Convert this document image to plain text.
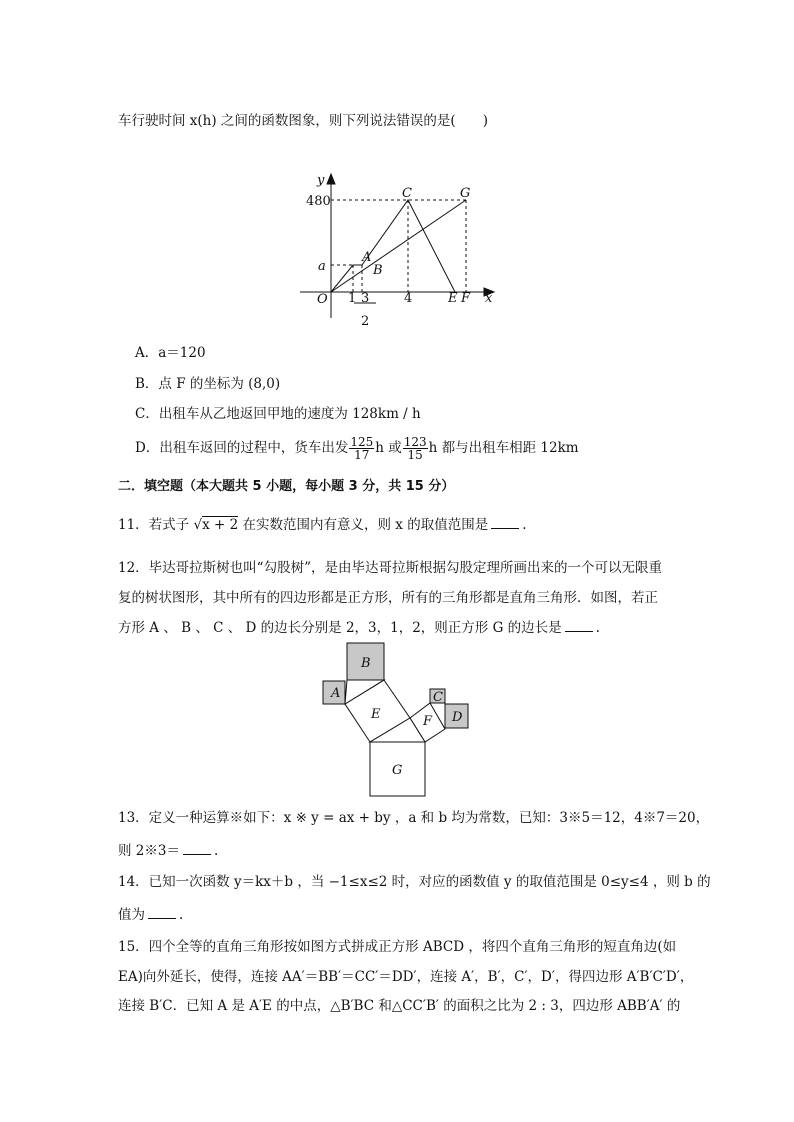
车行驶时间 x(h) 之间的函数图象，则下列说法错误的是(　　)
y
480
a
O 1 3
2
4	E F x
A
B
C	G
A．a＝120
B．点 F 的坐标为 (8,0)
C．出租车从乙地返回甲地的速度为 128km / h
D．出租车返回的过程中，货车出发 $\frac{125}{17}$ h 或 $\frac{123}{15}$ h 都与出租车相距 12km
二．填空题（本大题共 5 小题，每小题 3 分，共 15 分）
11．若式子 √x + 2 在实数范围内有意义，则 x 的取值范围是	.
12．毕达哥拉斯树也叫“勾股树”，是由毕达哥拉斯根据勾股定理所画出来的一个可以无限重
复的树状图形，其中所有的四边形都是正方形，所有的三角形都是直角三角形．如图，若正
方形 A 、 B 、 C 、 D 的边长分别是 2，3，1，2，则正方形 G 的边长是	.
A
B
C
D
E	F
G
13．定义一种运算※如下：x ※ y = ax + by ，a 和 b 均为常数，已知：3※5＝12，4※7＝20，
则 2※3＝	.
14．已知一次函数 y＝kx＋b ，当 −1≤x≤2 时，对应的函数值 y 的取值范围是 0≤y≤4 ，则 b 的
值为	.
15．四个全等的直角三角形按如图方式拼成正方形 ABCD ，将四个直角三角形的短直角边(如
EA)向外延长，使得，连接 AA′＝BB′＝CC′＝DD′，连接 A′，B′，C′，D′，得四边形 A′B′C′D′，
连接 B′C．已知 A 是 A′E 的中点，△B′BC 和△CC′B′ 的面积之比为 2 : 3，四边形 ABB′A′ 的
